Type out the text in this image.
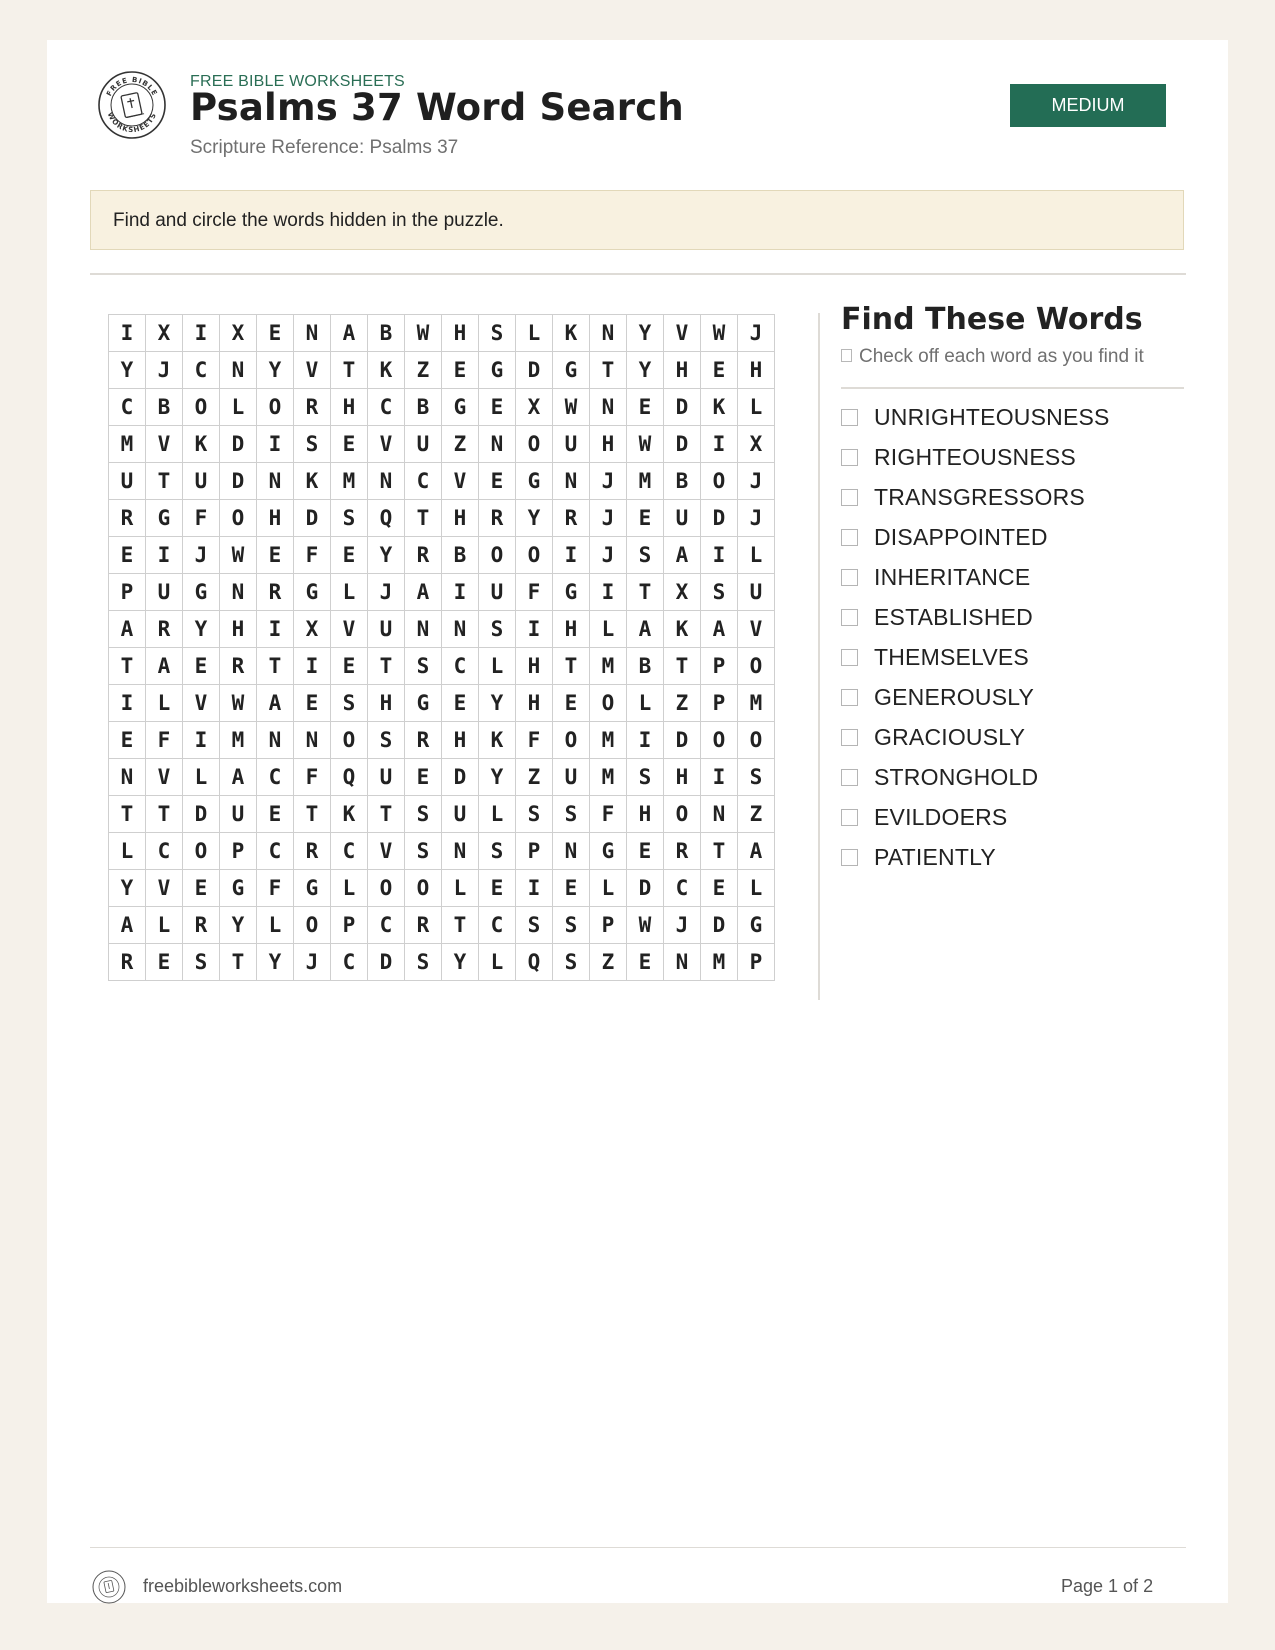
FREE BIBLE
WORKSHEETS
FREE BIBLE WORKSHEETS
Psalms 37 Word Search
Scripture Reference: Psalms 37
MEDIUM
Find and circle the words hidden in the puzzle.
I	X	I	X	E	N	A	B	W	H	S	L	K	N	Y	V	W	J
Y	J	C	N	Y	V	T	K	Z	E	G	D	G	T	Y	H	E	H
C	B	O	L	O	R	H	C	B	G	E	X	W	N	E	D	K	L
M	V	K	D	I	S	E	V	U	Z	N	O	U	H	W	D	I	X
U	T	U	D	N	K	M	N	C	V	E	G	N	J	M	B	O	J
R	G	F	O	H	D	S	Q	T	H	R	Y	R	J	E	U	D	J
E	I	J	W	E	F	E	Y	R	B	O	O	I	J	S	A	I	L
P	U	G	N	R	G	L	J	A	I	U	F	G	I	T	X	S	U
A	R	Y	H	I	X	V	U	N	N	S	I	H	L	A	K	A	V
T	A	E	R	T	I	E	T	S	C	L	H	T	M	B	T	P	O
I	L	V	W	A	E	S	H	G	E	Y	H	E	O	L	Z	P	M
E	F	I	M	N	N	O	S	R	H	K	F	O	M	I	D	O	O
N	V	L	A	C	F	Q	U	E	D	Y	Z	U	M	S	H	I	S
T	T	D	U	E	T	K	T	S	U	L	S	S	F	H	O	N	Z
L	C	O	P	C	R	C	V	S	N	S	P	N	G	E	R	T	A
Y	V	E	G	F	G	L	O	O	L	E	I	E	L	D	C	E	L
A	L	R	Y	L	O	P	C	R	T	C	S	S	P	W	J	D	G
R	E	S	T	Y	J	C	D	S	Y	L	Q	S	Z	E	N	M	P
Find These Words
Check off each word as you find it
UNRIGHTEOUSNESS
RIGHTEOUSNESS
TRANSGRESSORS
DISAPPOINTED
INHERITANCE
ESTABLISHED
THEMSELVES
GENEROUSLY
GRACIOUSLY
STRONGHOLD
EVILDOERS
PATIENTLY
freebibleworksheets.com	Page 1 of 2
